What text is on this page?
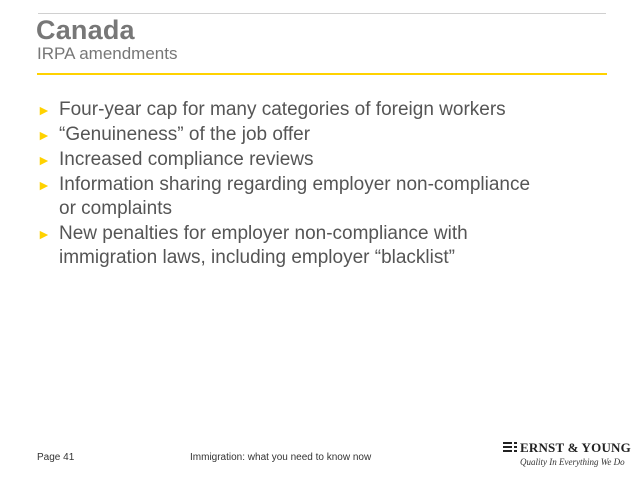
Canada
IRPA amendments
► Four-year cap for many categories of foreign workers
► “Genuineness” of the job offer
► Increased compliance reviews
► Information sharing regarding employer non-compliance
or complaints
► New penalties for employer non-compliance with
immigration laws, including employer “blacklist”
Page 41	Immigration: what you need to know now
ERNST & YOUNG
Quality In Everything We Do
